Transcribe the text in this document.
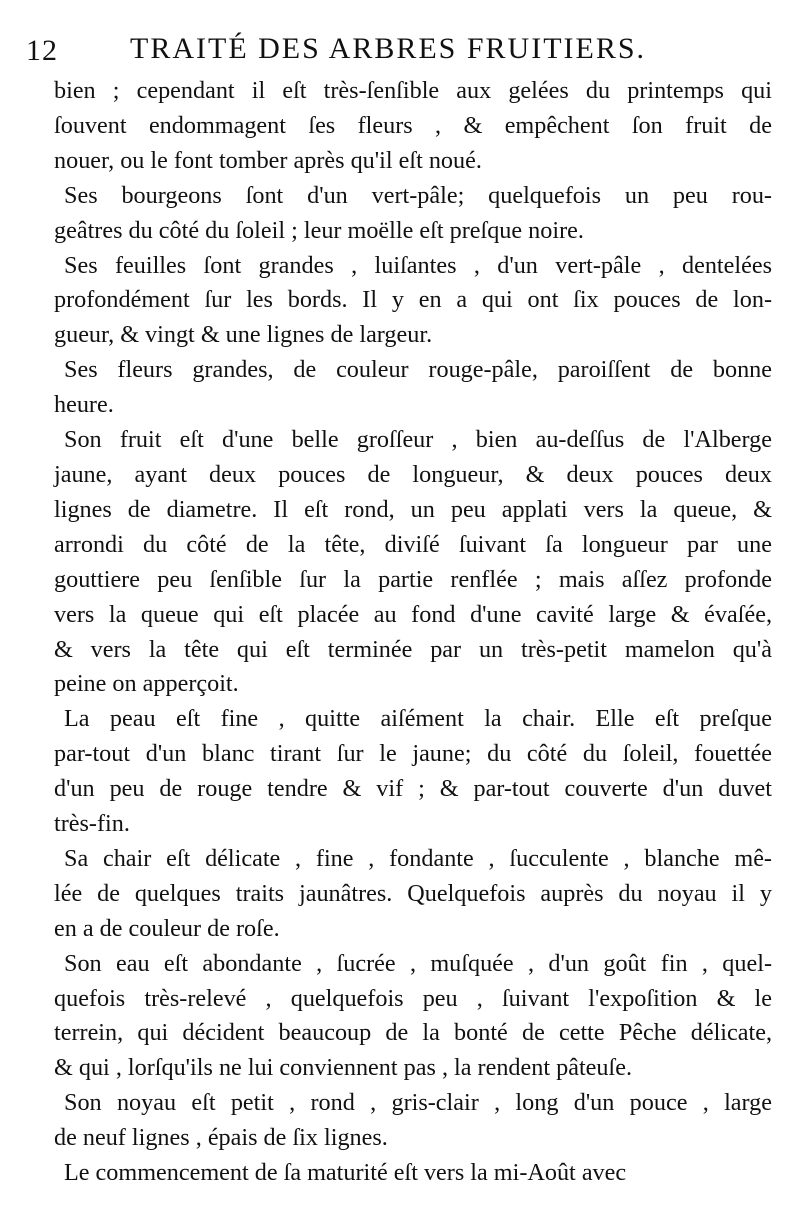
12 TRAITÉ DES ARBRES FRUITIERS.

bien ; cependant il eſt très-ſenſible aux gelées du printemps qui
ſouvent endommagent ſes fleurs , & empêchent ſon fruit de
nouer, ou le font tomber après qu'il eſt noué.

Ses bourgeons ſont d'un vert-pâle; quelquefois un peu rou-
geâtres du côté du ſoleil ; leur moëlle eſt preſque noire.

Ses feuilles ſont grandes , luiſantes , d'un vert-pâle , dentelées
profondément ſur les bords. Il y en a qui ont ſix pouces de lon-
gueur, & vingt & une lignes de largeur.

Ses fleurs grandes, de couleur rouge-pâle, paroiſſent de bonne
heure.

Son fruit eſt d'une belle groſſeur , bien au-deſſus de l'Alberge
jaune, ayant deux pouces de longueur, & deux pouces deux
lignes de diametre. Il eſt rond, un peu applati vers la queue, &
arrondi du côté de la tête, diviſé ſuivant ſa longueur par une
gouttiere peu ſenſible ſur la partie renflée ; mais aſſez profonde
vers la queue qui eſt placée au fond d'une cavité large & évaſée,
& vers la tête qui eſt terminée par un très-petit mamelon qu'à
peine on apperçoit.

La peau eſt fine , quitte aiſément la chair. Elle eſt preſque
par-tout d'un blanc tirant ſur le jaune; du côté du ſoleil, fouettée
d'un peu de rouge tendre & vif ; & par-tout couverte d'un duvet
très-fin.

Sa chair eſt délicate , fine , fondante , ſucculente , blanche mê-
lée de quelques traits jaunâtres. Quelquefois auprès du noyau il y
en a de couleur de roſe.

Son eau eſt abondante , ſucrée , muſquée , d'un goût fin , quel-
quefois très-relevé , quelquefois peu , ſuivant l'expoſition & le
terrein, qui décident beaucoup de la bonté de cette Pêche délicate,
& qui , lorſqu'ils ne lui conviennent pas , la rendent pâteuſe.

Son noyau eſt petit , rond , gris-clair , long d'un pouce , large
de neuf lignes , épais de ſix lignes.

Le commencement de ſa maturité eſt vers la mi-Août avec
